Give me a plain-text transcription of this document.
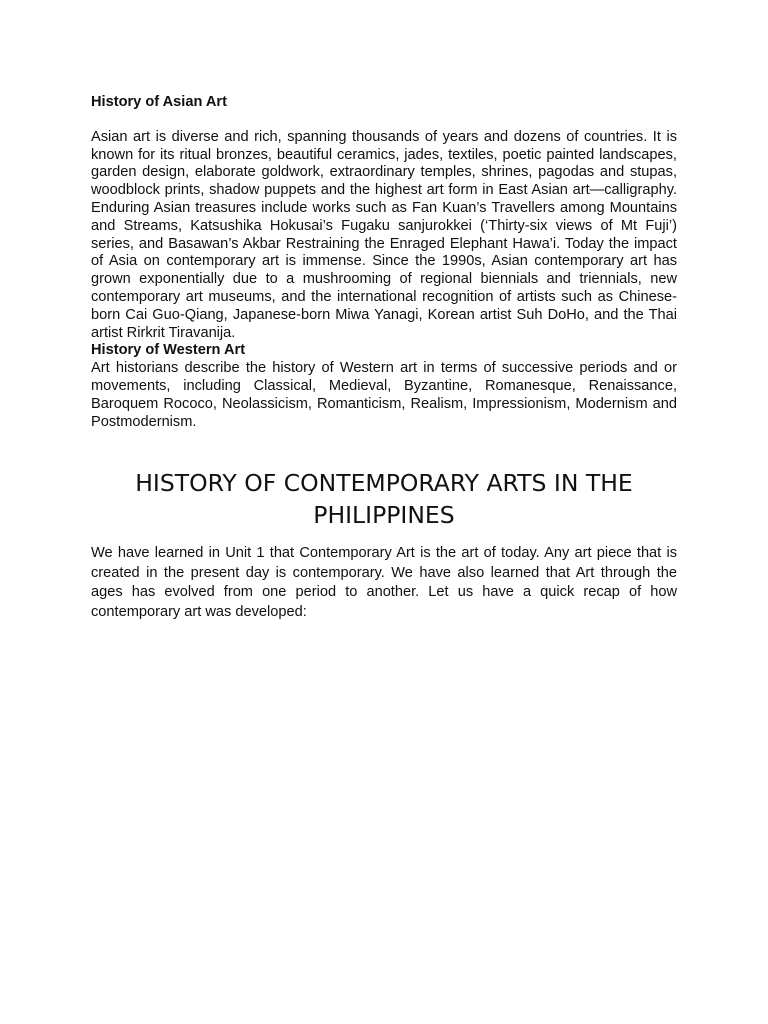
History of Asian Art

Asian art is diverse and rich, spanning thousands of years and dozens of countries. It is known for its ritual bronzes, beautiful ceramics, jades, textiles, poetic painted landscapes, garden design, elaborate goldwork, extraordinary temples, shrines, pagodas and stupas, woodblock prints, shadow puppets and the highest art form in East Asian art—calligraphy. Enduring Asian treasures include works such as Fan Kuan’s Travellers among Mountains and Streams, Katsushika Hokusai’s Fugaku sanjurokkei (‘Thirty-six views of Mt Fuji’) series, and Basawan’s Akbar Restraining the Enraged Elephant Hawa’i. Today the impact of Asia on contemporary art is immense. Since the 1990s, Asian contemporary art has grown exponentially due to a mushrooming of regional biennials and triennials, new contemporary art museums, and the international recognition of artists such as Chinese-born Cai Guo-Qiang, Japanese-born Miwa Yanagi, Korean artist Suh DoHo, and the Thai artist Rirkrit Tiravanija.

History of Western Art

Art historians describe the history of Western art in terms of successive periods and or movements, including Classical, Medieval, Byzantine, Romanesque, Renaissance, Baroquem Rococo, Neolassicism, Romanticism, Realism, Impressionism, Modernism and Postmodernism.

HISTORY OF CONTEMPORARY ARTS IN THE PHILIPPINES

We have learned in Unit 1 that Contemporary Art is the art of today. Any art piece that is created in the present day is contemporary. We have also learned that Art through the ages has evolved from one period to another. Let us have a quick recap of how contemporary art was developed:
